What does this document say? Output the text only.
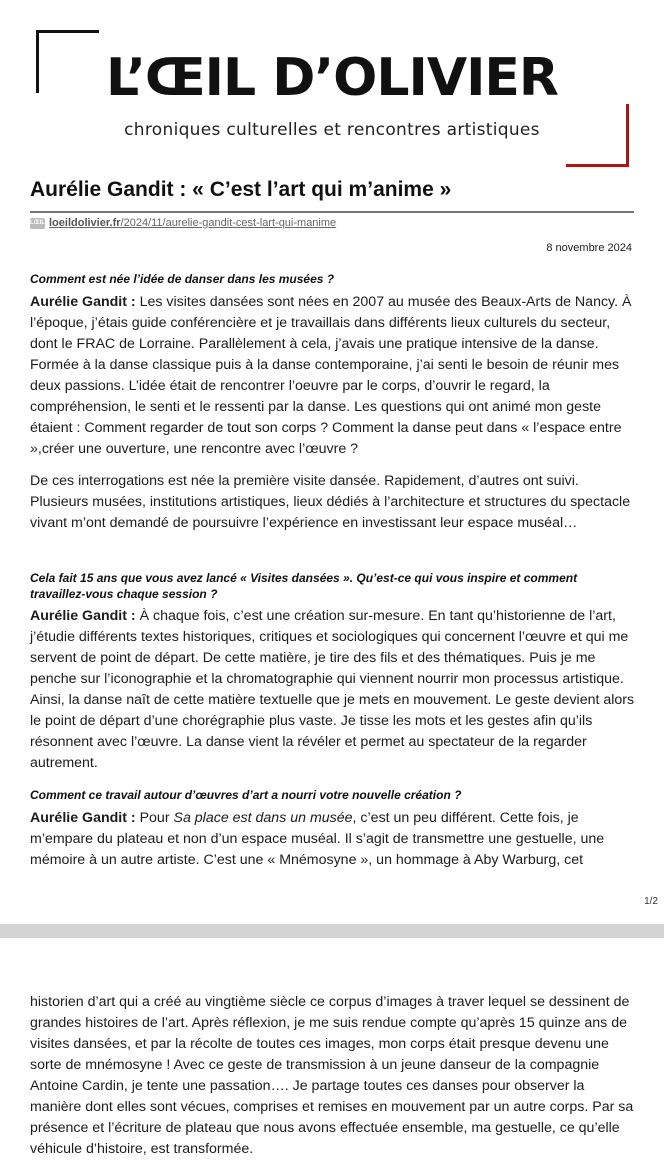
L’ŒIL D’OLIVIER
chroniques culturelles et rencontres artistiques
Aurélie Gandit : « C’est l’art qui m’anime »
LŒIL loeildolivier.fr/2024/11/aurelie-gandit-cest-lart-qui-manime
8 novembre 2024
Comment est née l’idée de danser dans les musées ?
Aurélie Gandit : Les visites dansées sont nées en 2007 au musée des Beaux-Arts de Nancy. À l’époque, j’étais guide conférencière et je travaillais dans différents lieux culturels du secteur, dont le FRAC de Lorraine. Parallèlement à cela, j’avais une pratique intensive de la danse. Formée à la danse classique puis à la danse contemporaine, j’ai senti le besoin de réunir mes deux passions. L’idée était de rencontrer l’oeuvre par le corps, d’ouvrir le regard, la compréhension, le senti et le ressenti par la danse. Les questions qui ont animé mon geste étaient : Comment regarder de tout son corps ? Comment la danse peut dans « l’espace entre »,créer une ouverture, une rencontre avec l’œuvre ?
De ces interrogations est née la première visite dansée. Rapidement, d’autres ont suivi. Plusieurs musées, institutions artistiques, lieux dédiés à l’architecture et structures du spectacle vivant m’ont demandé de poursuivre l’expérience en investissant leur espace muséal…
Cela fait 15 ans que vous avez lancé « Visites dansées ». Qu’est-ce qui vous inspire et comment travaillez-vous chaque session ?
Aurélie Gandit : À chaque fois, c’est une création sur-mesure. En tant qu’historienne de l’art, j’étudie différents textes historiques, critiques et sociologiques qui concernent l’œuvre et qui me servent de point de départ. De cette matière, je tire des fils et des thématiques. Puis je me penche sur l’iconographie et la chromatographie qui viennent nourrir mon processus artistique. Ainsi, la danse naît de cette matière textuelle que je mets en mouvement. Le geste devient alors le point de départ d’une chorégraphie plus vaste. Je tisse les mots et les gestes afin qu’ils résonnent avec l’œuvre. La danse vient la révéler et permet au spectateur de la regarder autrement.
Comment ce travail autour d’œuvres d’art a nourri votre nouvelle création ?
Aurélie Gandit : Pour Sa place est dans un musée, c’est un peu différent. Cette fois, je m’empare du plateau et non d’un espace muséal. Il s’agit de transmettre une gestuelle, une mémoire à un autre artiste. C’est une « Mnémosyne », un hommage à Aby Warburg, cet
1/2
historien d’art qui a créé au vingtième siècle ce corpus d’images à traver lequel se dessinent de grandes histoires de l’art. Après réflexion, je me suis rendue compte qu’après 15 quinze ans de visites dansées, et par la récolte de toutes ces images, mon corps était presque devenu une sorte de mnémosyne ! Avec ce geste de transmission à un jeune danseur de la compagnie Antoine Cardin, je tente une passation…. Je partage toutes ces danses pour observer la manière dont elles sont vécues, comprises et remises en mouvement par un autre corps. Par sa présence et l’écriture de plateau que nous avons effectuée ensemble, ma gestuelle, ce qu’elle véhicule d’histoire, est transformée.
